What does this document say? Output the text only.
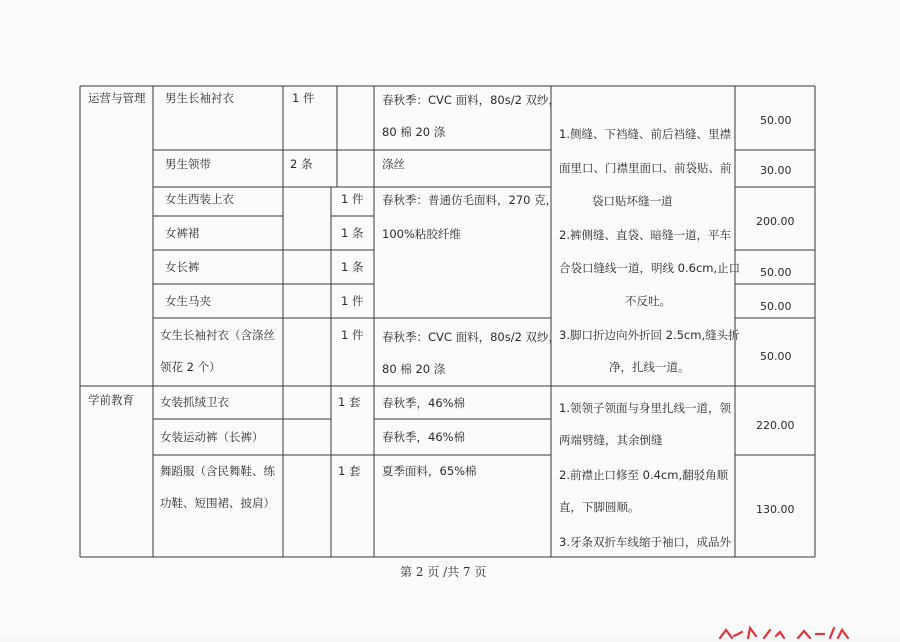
运营与管理
学前教育
男生长袖衬衣
男生领带
女生西装上衣
女裤裙
女长裤
女生马夹
女生长袖衬衣（含涤丝
领花 2 个）
女装抓绒卫衣
女装运动裤（长裤）
舞蹈服（含民舞鞋、练
功鞋、短围裙、披肩）
1 件
2 条
1 件
1 条
1 条
1 件
1 件
1 套
1 套
春秋季：CVC 面料，80s/2 双纱，
80 棉 20 涤
涤丝
春秋季：普通仿毛面料，270 克，
100%粘胶纤维
春秋季：CVC 面料，80s/2 双纱，
80 棉 20 涤
春秋季，46%棉
春秋季，46%棉
夏季面料，65%棉
1.侧缝、下裆缝、前后裆缝、里襟
面里口、门襟里面口、前袋贴、前
袋口贴坏缝一道
2.裤侧缝、直袋、暗缝一道，平车
合袋口缝线一道，明线 0.6cm,止口
不反吐。
3.脚口折边向外折回 2.5cm,缝头折
净，扎线一道。
1.领领子领面与身里扎线一道，领
两端劈缝，其余倒缝
2.前襟止口修至 0.4cm,翻驳角顺
直，下脚圆顺。
3.牙条双折车线缩于袖口，成品外
50.00
30.00
200.00
50.00
50.00
50.00
220.00
130.00
第 2 页 /共 7 页
